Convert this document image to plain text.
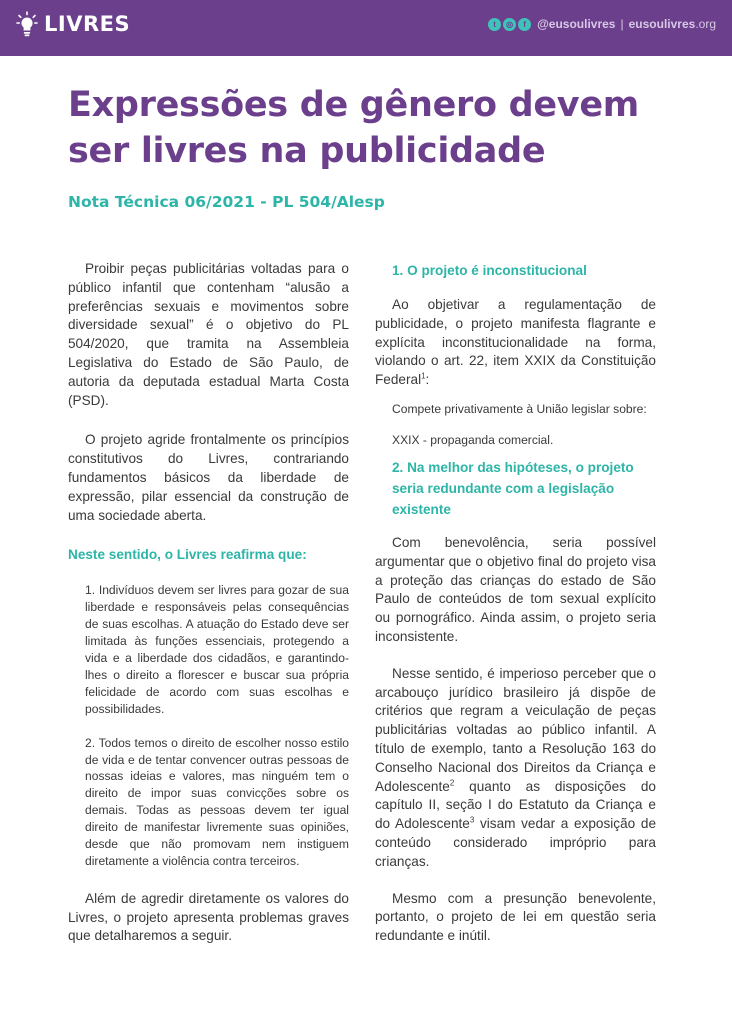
LIVRES	t	◎	f @eusoulivres | eusoulivres.org
Expressões de gênero devem ser livres na publicidade
Nota Técnica 06/2021 - PL 504/Alesp

Proibir peças publicitárias voltadas para o público infantil que contenham “alusão a preferências sexuais e movimentos sobre diversidade sexual” é o objetivo do PL 504/2020, que tramita na Assembleia Legislativa do Estado de São Paulo, de autoria da deputada estadual Marta Costa (PSD).

O projeto agride frontalmente os princípios constitutivos do Livres, contrariando fundamentos básicos da liberdade de expressão, pilar essencial da construção de uma sociedade aberta.

Neste sentido, o Livres reafirma que:

1. Indivíduos devem ser livres para gozar de sua liberdade e responsáveis pelas consequências de suas escolhas. A atuação do Estado deve ser limitada às funções essenciais, protegendo a vida e a liberdade dos cidadãos, e garantindo-lhes o direito a florescer e buscar sua própria felicidade de acordo com suas escolhas e possibilidades.

2. Todos temos o direito de escolher nosso estilo de vida e de tentar convencer outras pessoas de nossas ideias e valores, mas ninguém tem o direito de impor suas convicções sobre os demais. Todas as pessoas devem ter igual direito de manifestar livremente suas opiniões, desde que não promovam nem instiguem diretamente a violência contra terceiros.

Além de agredir diretamente os valores do Livres, o projeto apresenta problemas graves que detalharemos a seguir.

1. O projeto é inconstitucional

Ao objetivar a regulamentação de publicidade, o projeto manifesta flagrante e explícita inconstitucionalidade na forma, violando o art. 22, item XXIX da Constituição Federal$^1$:

Compete privativamente à União legislar sobre:

XXIX - propaganda comercial.

2. Na melhor das hipóteses, o projeto seria redundante com a legislação existente

Com benevolência, seria possível argumentar que o objetivo final do projeto visa a proteção das crianças do estado de São Paulo de conteúdos de tom sexual explícito ou pornográfico. Ainda assim, o projeto seria inconsistente.

Nesse sentido, é imperioso perceber que o arcabouço jurídico brasileiro já dispõe de critérios que regram a veiculação de peças publicitárias voltadas ao público infantil. A título de exemplo, tanto a Resolução 163 do Conselho Nacional dos Direitos da Criança e Adolescente$^2$ quanto as disposições do capítulo II, seção I do Estatuto da Criança e do Adolescente$^3$ visam vedar a exposição de conteúdo considerado impróprio para crianças.

Mesmo com a presunção benevolente, portanto, o projeto de lei em questão seria redundante e inútil.
